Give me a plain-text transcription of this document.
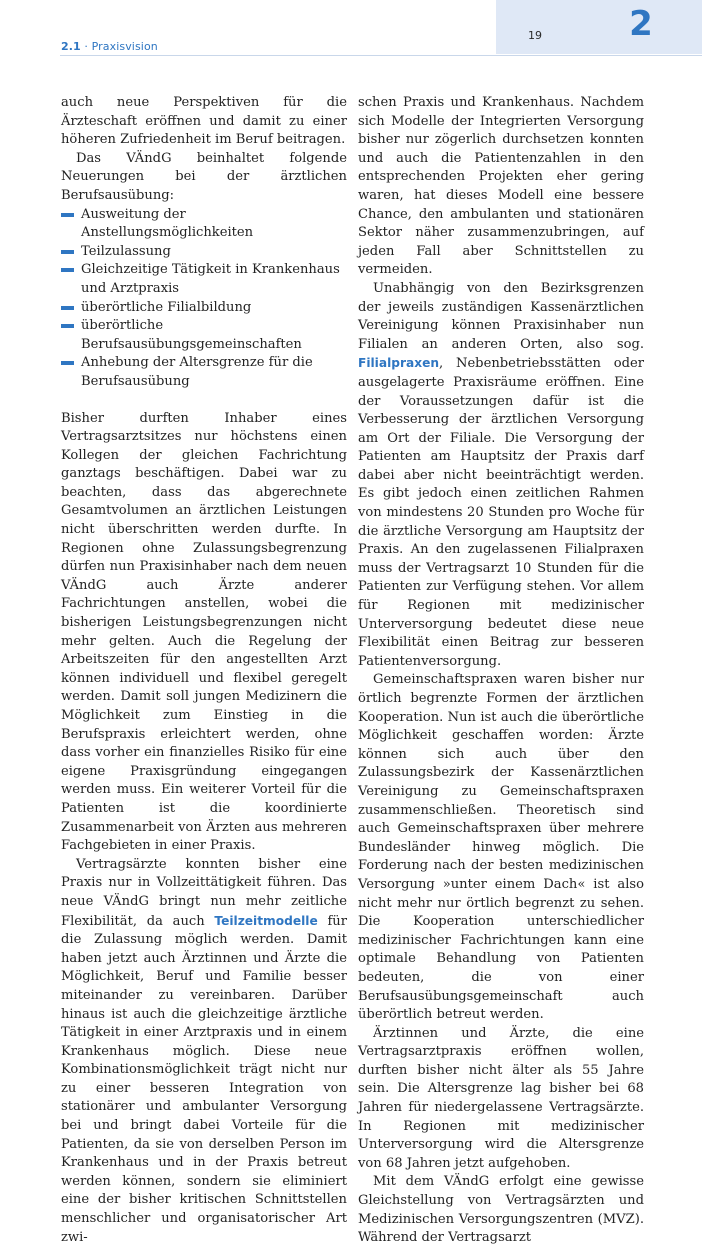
2.1 · Praxisvision
19	2

auch neue Perspektiven für die Ärzteschaft eröffnen und damit zu einer höheren Zufriedenheit im Beruf beitragen.

Das VÄndG beinhaltet folgende Neuerungen bei der ärztlichen Berufsausübung:

Ausweitung der Anstellungsmöglichkeiten
Teilzulassung
Gleichzeitige Tätigkeit in Krankenhaus und Arztpraxis
überörtliche Filialbildung
überörtliche Berufsausübungsgemeinschaften
Anhebung der Altersgrenze für die Berufsausübung

Bisher durften Inhaber eines Vertragsarztsitzes nur höchstens einen Kollegen der gleichen Fachrichtung ganztags beschäftigen. Dabei war zu beachten, dass das abgerechnete Gesamtvolumen an ärztlichen Leistungen nicht überschritten werden durfte. In Regionen ohne Zulassungsbegrenzung dürfen nun Praxisinhaber nach dem neuen VÄndG auch Ärzte anderer Fachrichtungen anstellen, wobei die bisherigen Leistungsbegrenzungen nicht mehr gelten. Auch die Regelung der Arbeitszeiten für den angestellten Arzt können individuell und flexibel geregelt werden. Damit soll jungen Medizinern die Möglichkeit zum Einstieg in die Berufspraxis erleichtert werden, ohne dass vorher ein finanzielles Risiko für eine eigene Praxisgründung eingegangen werden muss. Ein weiterer Vorteil für die Patienten ist die koordinierte Zusammenarbeit von Ärzten aus mehreren Fachgebieten in einer Praxis.

Vertragsärzte konnten bisher eine Praxis nur in Vollzeittätigkeit führen. Das neue VÄndG bringt nun mehr zeitliche Flexibilität, da auch Teilzeitmodelle für die Zulassung möglich werden. Damit haben jetzt auch Ärztinnen und Ärzte die Möglichkeit, Beruf und Familie besser miteinander zu vereinbaren. Darüber hinaus ist auch die gleichzeitige ärztliche Tätigkeit in einer Arztpraxis und in einem Krankenhaus möglich. Diese neue Kombinationsmöglichkeit trägt nicht nur zu einer besseren Integration von stationärer und ambulanter Versorgung bei und bringt dabei Vorteile für die Patienten, da sie von derselben Person im Krankenhaus und in der Praxis betreut werden können, sondern sie eliminiert eine der bisher kritischen Schnittstellen menschlicher und organisatorischer Art zwi-

schen Praxis und Krankenhaus. Nachdem sich Modelle der Integrierten Versorgung bisher nur zögerlich durchsetzen konnten und auch die Patientenzahlen in den entsprechenden Projekten eher gering waren, hat dieses Modell eine bessere Chance, den ambulanten und stationären Sektor näher zusammenzubringen, auf jeden Fall aber Schnittstellen zu vermeiden.

Unabhängig von den Bezirksgrenzen der jeweils zuständigen Kassenärztlichen Vereinigung können Praxisinhaber nun Filialen an anderen Orten, also sog. Filialpraxen, Nebenbetriebsstätten oder ausgelagerte Praxisräume eröffnen. Eine der Voraussetzungen dafür ist die Verbesserung der ärztlichen Versorgung am Ort der Filiale. Die Versorgung der Patienten am Hauptsitz der Praxis darf dabei aber nicht beeinträchtigt werden. Es gibt jedoch einen zeitlichen Rahmen von mindestens 20 Stunden pro Woche für die ärztliche Versorgung am Hauptsitz der Praxis. An den zugelassenen Filialpraxen muss der Vertragsarzt 10 Stunden für die Patienten zur Verfügung stehen. Vor allem für Regionen mit medizinischer Unterversorgung bedeutet diese neue Flexibilität einen Beitrag zur besseren Patientenversorgung.

Gemeinschaftspraxen waren bisher nur örtlich begrenzte Formen der ärztlichen Kooperation. Nun ist auch die überörtliche Möglichkeit geschaffen worden: Ärzte können sich auch über den Zulassungsbezirk der Kassenärztlichen Vereinigung zu Gemeinschaftspraxen zusammenschließen. Theoretisch sind auch Gemeinschaftspraxen über mehrere Bundesländer hinweg möglich. Die Forderung nach der besten medizinischen Versorgung »unter einem Dach« ist also nicht mehr nur örtlich begrenzt zu sehen. Die Kooperation unterschiedlicher medizinischer Fachrichtungen kann eine optimale Behandlung von Patienten bedeuten, die von einer Berufsausübungsgemeinschaft auch überörtlich betreut werden.

Ärztinnen und Ärzte, die eine Vertragsarztpraxis eröffnen wollen, durften bisher nicht älter als 55 Jahre sein. Die Altersgrenze lag bisher bei 68 Jahren für niedergelassene Vertragsärzte. In Regionen mit medizinischer Unterversorgung wird die Altersgrenze von 68 Jahren jetzt aufgehoben.

Mit dem VÄndG erfolgt eine gewisse Gleichstellung von Vertragsärzten und Medizinischen Versorgungszentren (MVZ). Während der Vertragsarzt
